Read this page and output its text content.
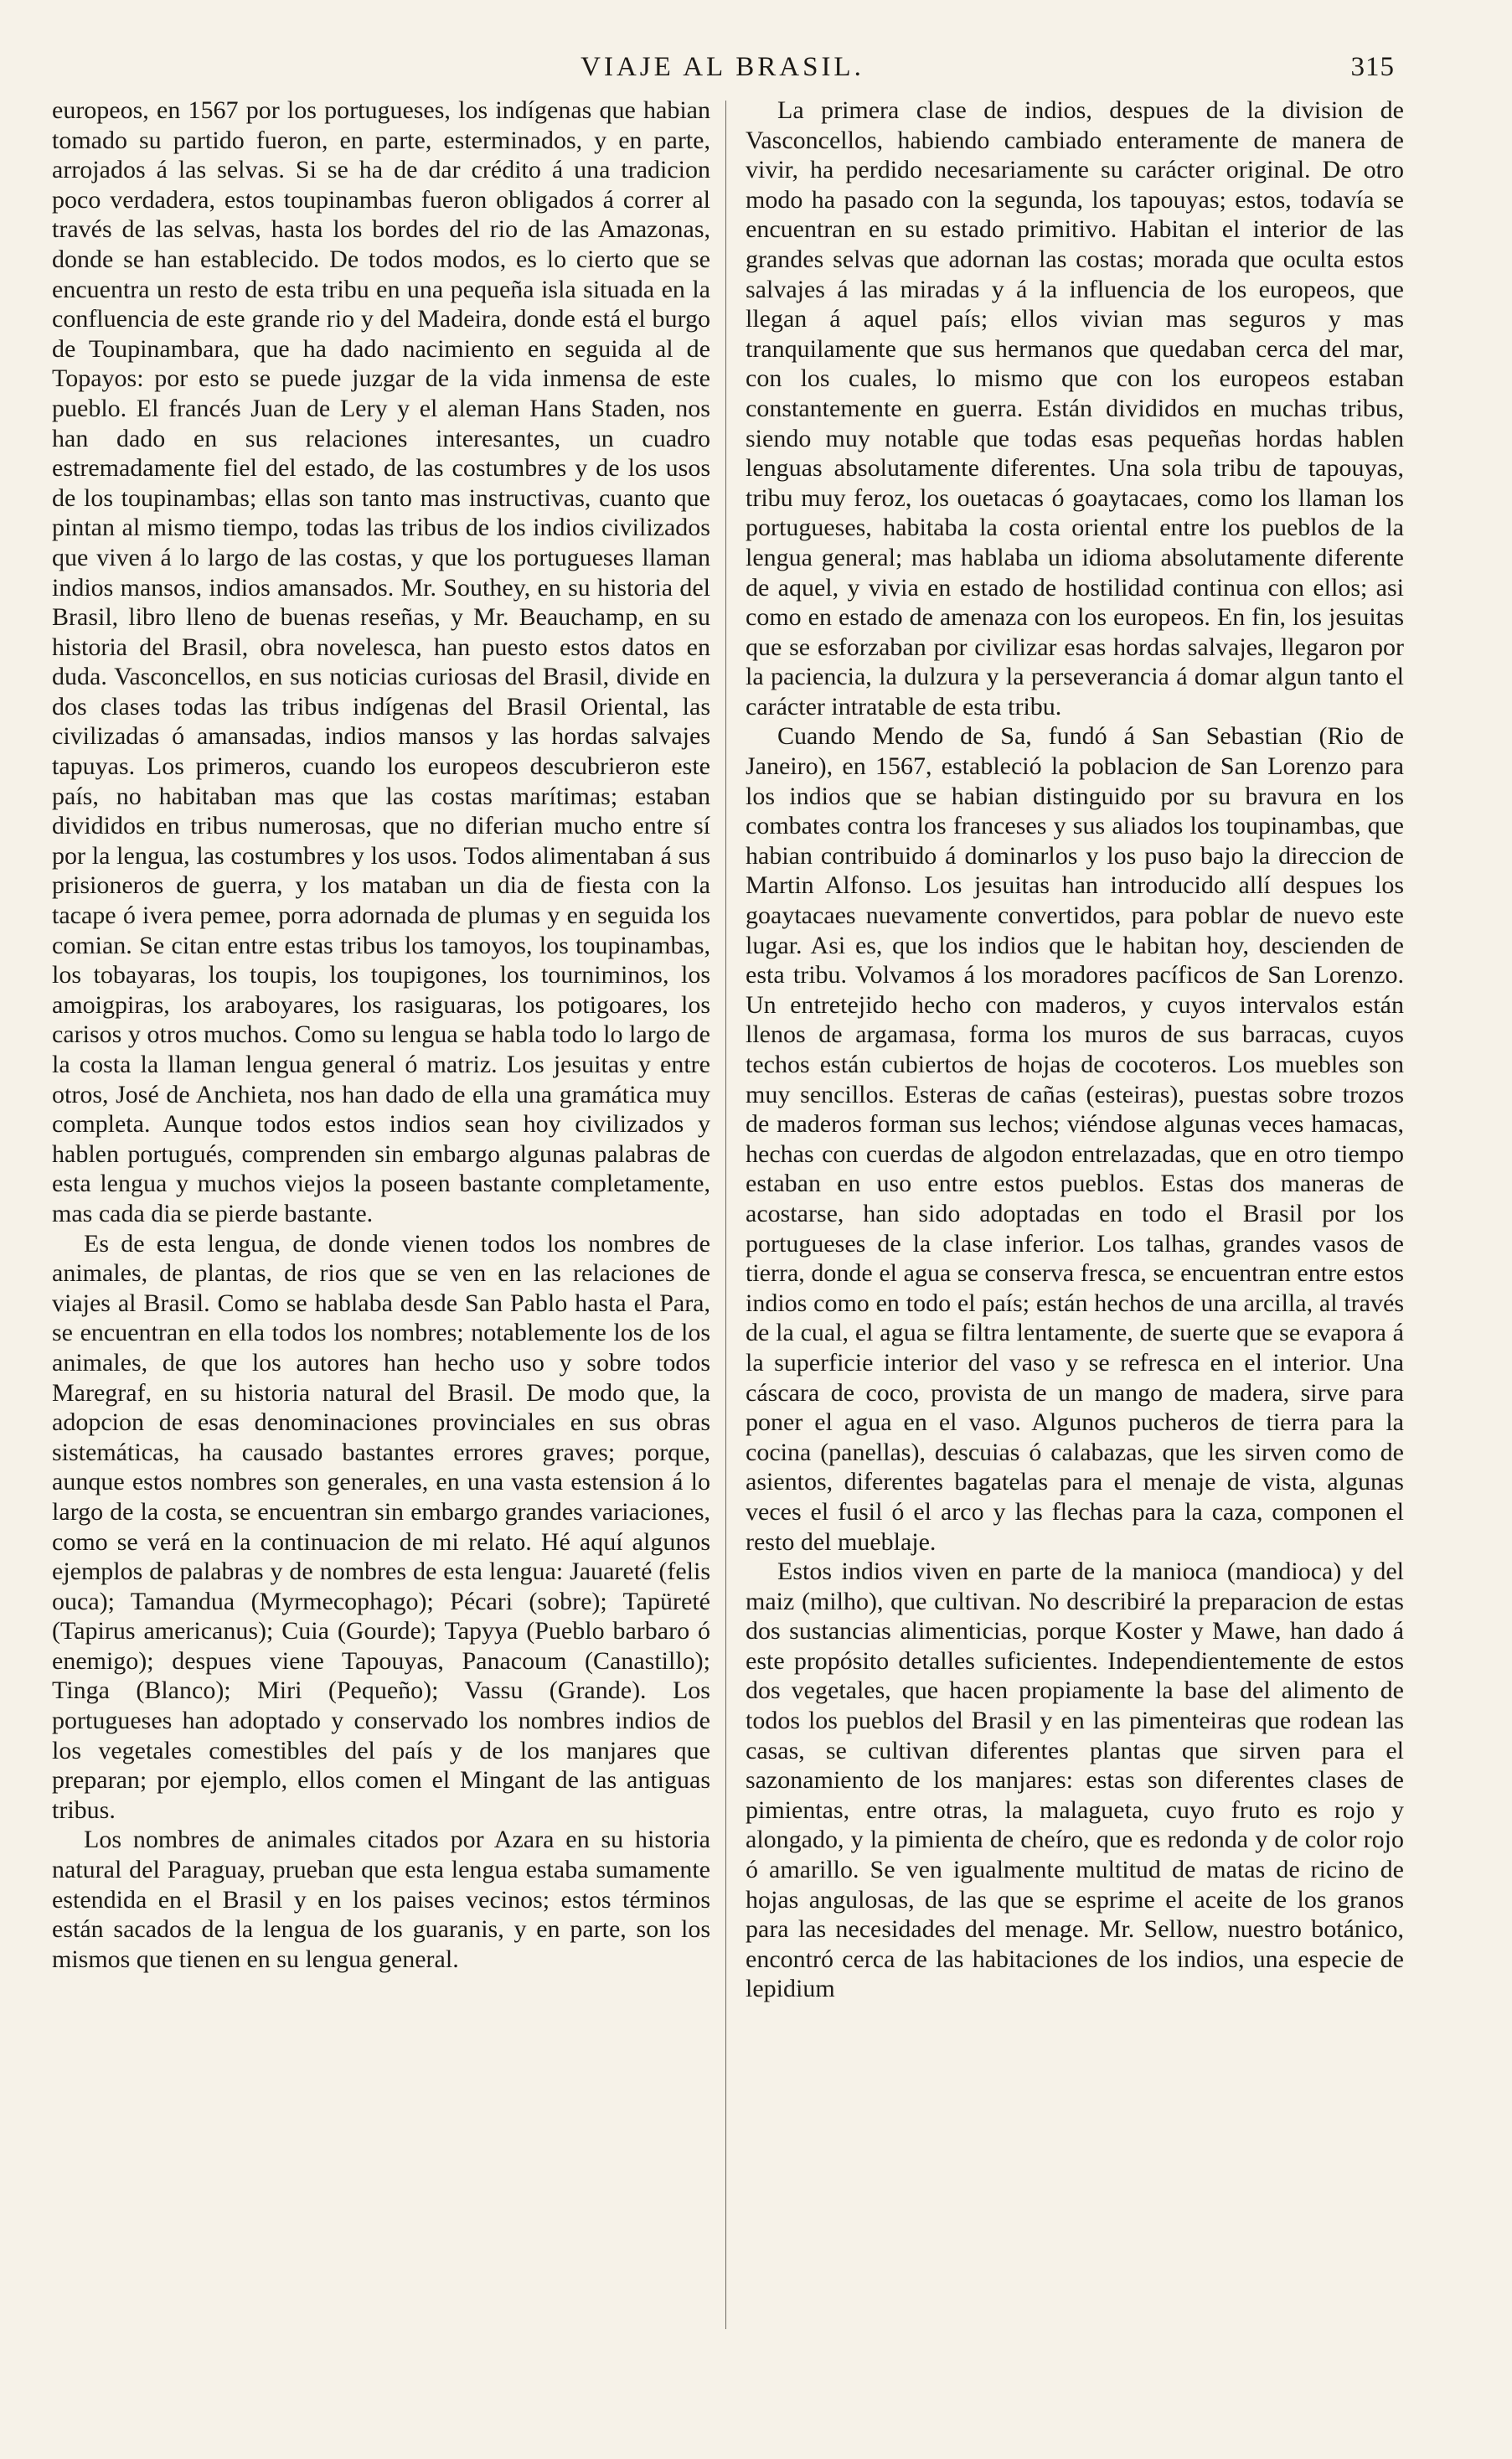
VIAJE AL BRASIL.	315

europeos, en 1567 por los portugueses, los indígenas que habian tomado su partido fueron, en parte, esterminados, y en parte, arrojados á las selvas. Si se ha de dar crédito á una tradicion poco verdadera, estos toupinambas fueron obligados á correr al través de las selvas, hasta los bordes del rio de las Amazonas, donde se han establecido. De todos modos, es lo cierto que se encuentra un resto de esta tribu en una pequeña isla situada en la confluencia de este grande rio y del Madeira, donde está el burgo de Toupinambara, que ha dado nacimiento en seguida al de Topayos: por esto se puede juzgar de la vida inmensa de este pueblo. El francés Juan de Lery y el aleman Hans Staden, nos han dado en sus relaciones interesantes, un cuadro estremadamente fiel del estado, de las costumbres y de los usos de los toupinambas; ellas son tanto mas instructivas, cuanto que pintan al mismo tiempo, todas las tribus de los indios civilizados que viven á lo largo de las costas, y que los portugueses llaman indios mansos, indios amansados. Mr. Southey, en su historia del Brasil, libro lleno de buenas reseñas, y Mr. Beauchamp, en su historia del Brasil, obra novelesca, han puesto estos datos en duda. Vasconcellos, en sus noticias curiosas del Brasil, divide en dos clases todas las tribus indígenas del Brasil Oriental, las civilizadas ó amansadas, indios mansos y las hordas salvajes tapuyas. Los primeros, cuando los europeos descubrieron este país, no habitaban mas que las costas marítimas; estaban divididos en tribus numerosas, que no diferian mucho entre sí por la lengua, las costumbres y los usos. Todos alimentaban á sus prisioneros de guerra, y los mataban un dia de fiesta con la tacape ó ivera pemee, porra adornada de plumas y en seguida los comian. Se citan entre estas tribus los tamoyos, los toupinambas, los tobayaras, los toupis, los toupigones, los tourniminos, los amoigpiras, los araboyares, los rasiguaras, los potigoares, los carisos y otros muchos. Como su lengua se habla todo lo largo de la costa la llaman lengua general ó matriz. Los jesuitas y entre otros, José de Anchieta, nos han dado de ella una gramática muy completa. Aunque todos estos indios sean hoy civilizados y hablen portugués, comprenden sin embargo algunas palabras de esta lengua y muchos viejos la poseen bastante completamente, mas cada dia se pierde bastante.

Es de esta lengua, de donde vienen todos los nombres de animales, de plantas, de rios que se ven en las relaciones de viajes al Brasil. Como se hablaba desde San Pablo hasta el Para, se encuentran en ella todos los nombres; notablemente los de los animales, de que los autores han hecho uso y sobre todos Maregraf, en su historia natural del Brasil. De modo que, la adopcion de esas denominaciones provinciales en sus obras sistemáticas, ha causado bastantes errores graves; porque, aunque estos nombres son generales, en una vasta estension á lo largo de la costa, se encuentran sin embargo grandes variaciones, como se verá en la continuacion de mi relato. Hé aquí algunos ejemplos de palabras y de nombres de esta lengua: Jauareté (felis ouca); Tamandua (Myrmecophago); Pécari (sobre); Tapüreté (Tapirus americanus); Cuia (Gourde); Tapyya (Pueblo barbaro ó enemigo); despues viene Tapouyas, Panacoum (Canastillo); Tinga (Blanco); Miri (Pequeño); Vassu (Grande). Los portugueses han adoptado y conservado los nombres indios de los vegetales comestibles del país y de los manjares que preparan; por ejemplo, ellos comen el Mingant de las antiguas tribus.

Los nombres de animales citados por Azara en su historia natural del Paraguay, prueban que esta lengua estaba sumamente estendida en el Brasil y en los paises vecinos; estos términos están sacados de la lengua de los guaranis, y en parte, son los mismos que tienen en su lengua general.

La primera clase de indios, despues de la division de Vasconcellos, habiendo cambiado enteramente de manera de vivir, ha perdido necesariamente su carácter original. De otro modo ha pasado con la segunda, los tapouyas; estos, todavía se encuentran en su estado primitivo. Habitan el interior de las grandes selvas que adornan las costas; morada que oculta estos salvajes á las miradas y á la influencia de los europeos, que llegan á aquel país; ellos vivian mas seguros y mas tranquilamente que sus hermanos que quedaban cerca del mar, con los cuales, lo mismo que con los europeos estaban constantemente en guerra. Están divididos en muchas tribus, siendo muy notable que todas esas pequeñas hordas hablen lenguas absolutamente diferentes. Una sola tribu de tapouyas, tribu muy feroz, los ouetacas ó goaytacaes, como los llaman los portugueses, habitaba la costa oriental entre los pueblos de la lengua general; mas hablaba un idioma absolutamente diferente de aquel, y vivia en estado de hostilidad continua con ellos; asi como en estado de amenaza con los europeos. En fin, los jesuitas que se esforzaban por civilizar esas hordas salvajes, llegaron por la paciencia, la dulzura y la perseverancia á domar algun tanto el carácter intratable de esta tribu.

Cuando Mendo de Sa, fundó á San Sebastian (Rio de Janeiro), en 1567, estableció la poblacion de San Lorenzo para los indios que se habian distinguido por su bravura en los combates contra los franceses y sus aliados los toupinambas, que habian contribuido á dominarlos y los puso bajo la direccion de Martin Alfonso. Los jesuitas han introducido allí despues los goaytacaes nuevamente convertidos, para poblar de nuevo este lugar. Asi es, que los indios que le habitan hoy, descienden de esta tribu. Volvamos á los moradores pacíficos de San Lorenzo. Un entretejido hecho con maderos, y cuyos intervalos están llenos de argamasa, forma los muros de sus barracas, cuyos techos están cubiertos de hojas de cocoteros. Los muebles son muy sencillos. Esteras de cañas (esteiras), puestas sobre trozos de maderos forman sus lechos; viéndose algunas veces hamacas, hechas con cuerdas de algodon entrelazadas, que en otro tiempo estaban en uso entre estos pueblos. Estas dos maneras de acostarse, han sido adoptadas en todo el Brasil por los portugueses de la clase inferior. Los talhas, grandes vasos de tierra, donde el agua se conserva fresca, se encuentran entre estos indios como en todo el país; están hechos de una arcilla, al través de la cual, el agua se filtra lentamente, de suerte que se evapora á la superficie interior del vaso y se refresca en el interior. Una cáscara de coco, provista de un mango de madera, sirve para poner el agua en el vaso. Algunos pucheros de tierra para la cocina (panellas), descuias ó calabazas, que les sirven como de asientos, diferentes bagatelas para el menaje de vista, algunas veces el fusil ó el arco y las flechas para la caza, componen el resto del mueblaje.

Estos indios viven en parte de la manioca (mandioca) y del maiz (milho), que cultivan. No describiré la preparacion de estas dos sustancias alimenticias, porque Koster y Mawe, han dado á este propósito detalles suficientes. Independientemente de estos dos vegetales, que hacen propiamente la base del alimento de todos los pueblos del Brasil y en las pimenteiras que rodean las casas, se cultivan diferentes plantas que sirven para el sazonamiento de los manjares: estas son diferentes clases de pimientas, entre otras, la malagueta, cuyo fruto es rojo y alongado, y la pimienta de cheíro, que es redonda y de color rojo ó amarillo. Se ven igualmente multitud de matas de ricino de hojas angulosas, de las que se esprime el aceite de los granos para las necesidades del menage. Mr. Sellow, nuestro botánico, encontró cerca de las habitaciones de los indios, una especie de lepidium
